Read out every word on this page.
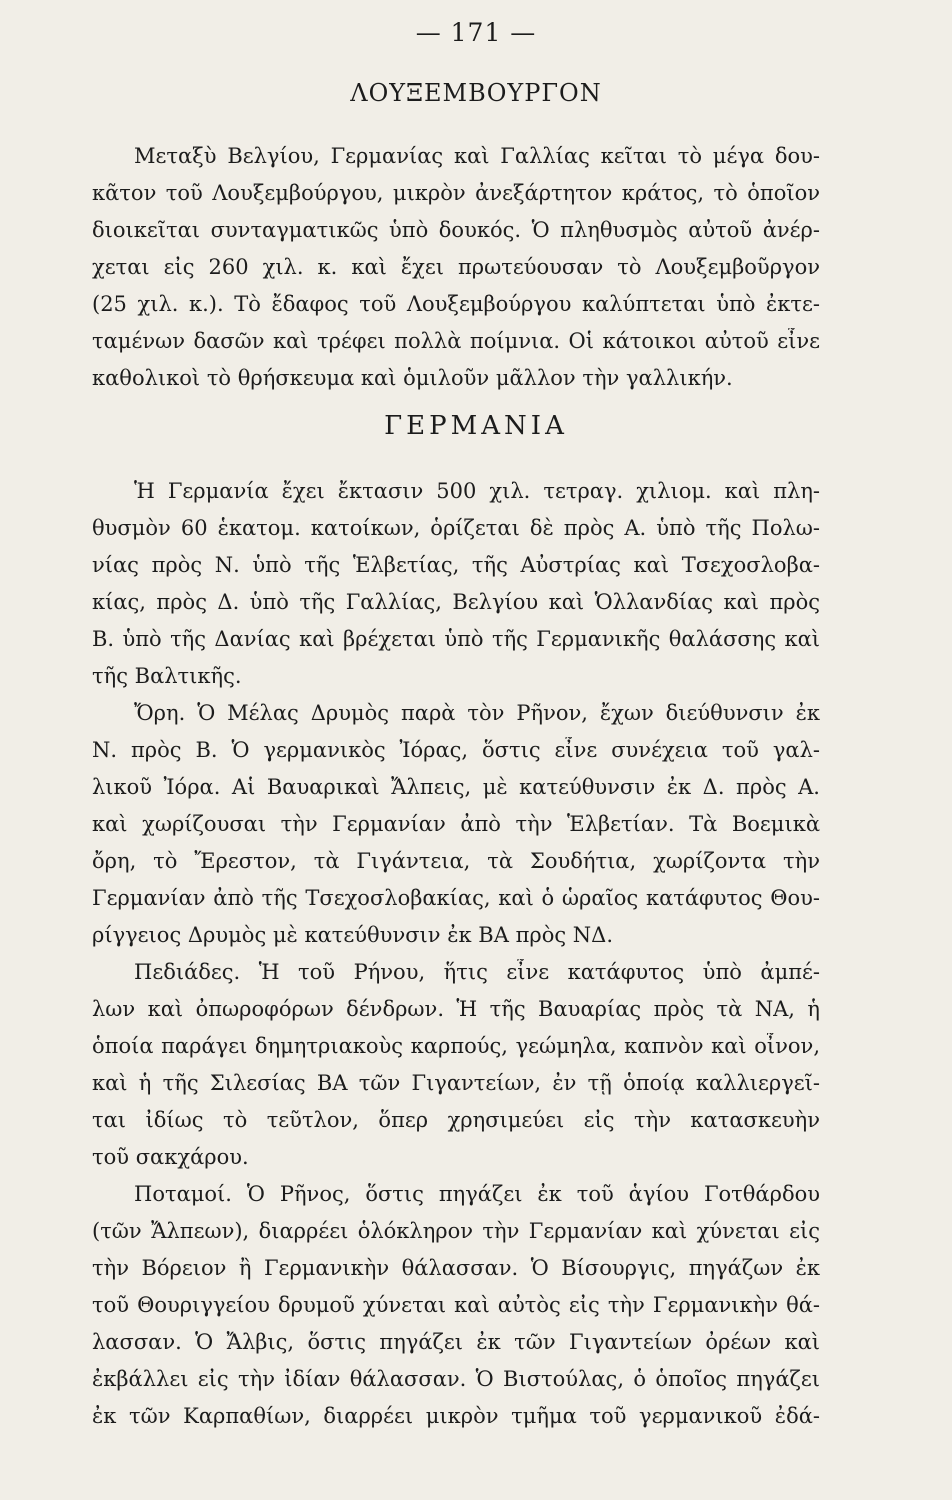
— 171 —
ΛΟΥΞΕΜΒΟΥΡΓΟΝ
Μεταξὺ Βελγίου, Γερμανίας καὶ Γαλλίας κεῖται τὸ μέγα δου-
κᾶτον τοῦ Λουξεμβούργου, μικρὸν ἀνεξάρτητον κράτος, τὸ ὁποῖον
διοικεῖται συνταγματικῶς ὑπὸ δουκός. Ὁ πληθυσμὸς αὐτοῦ ἀνέρ-
χεται εἰς 260 χιλ. κ. καὶ ἔχει πρωτεύουσαν τὸ Λουξεμβοῦργον
(25 χιλ. κ.). Τὸ ἔδαφος τοῦ Λουξεμβούργου καλύπτεται ὑπὸ ἐκτε-
ταμένων δασῶν καὶ τρέφει πολλὰ ποίμνια. Οἱ κάτοικοι αὐτοῦ εἶνε
καθολικοὶ τὸ θρήσκευμα καὶ ὁμιλοῦν μᾶλλον τὴν γαλλικήν.
ΓΕΡΜΑΝΙΑ
Ἡ Γερμανία ἔχει ἔκτασιν 500 χιλ. τετραγ. χιλιομ. καὶ πλη-
θυσμὸν 60 ἑκατομ. κατοίκων, ὁρίζεται δὲ πρὸς Α. ὑπὸ τῆς Πολω-
νίας πρὸς Ν. ὑπὸ τῆς Ἑλβετίας, τῆς Αὐστρίας καὶ Τσεχοσλοβα-
κίας, πρὸς Δ. ὑπὸ τῆς Γαλλίας, Βελγίου καὶ Ὁλλανδίας καὶ πρὸς
Β. ὑπὸ τῆς Δανίας καὶ βρέχεται ὑπὸ τῆς Γερμανικῆς θαλάσσης καὶ
τῆς Βαλτικῆς.
Ὄρη. Ὁ Μέλας Δρυμὸς παρὰ τὸν Ρῆνον, ἔχων διεύθυνσιν ἐκ
Ν. πρὸς Β. Ὁ γερμανικὸς Ἰόρας, ὅστις εἶνε συνέχεια τοῦ γαλ-
λικοῦ Ἰόρα. Αἱ Βαυαρικαὶ Ἄλπεις, μὲ κατεύθυνσιν ἐκ Δ. πρὸς Α.
καὶ χωρίζουσαι τὴν Γερμανίαν ἀπὸ τὴν Ἑλβετίαν. Τὰ Βοεμικὰ
ὄρη, τὸ Ἔρεστον, τὰ Γιγάντεια, τὰ Σουδήτια, χωρίζοντα τὴν
Γερμανίαν ἀπὸ τῆς Τσεχοσλοβακίας, καὶ ὁ ὡραῖος κατάφυτος Θου-
ρίγγειος Δρυμὸς μὲ κατεύθυνσιν ἐκ ΒΑ πρὸς ΝΔ.
Πεδιάδες. Ἡ τοῦ Ρήνου, ἥτις εἶνε κατάφυτος ὑπὸ ἀμπέ-
λων καὶ ὀπωροφόρων δένδρων. Ἡ τῆς Βαυαρίας πρὸς τὰ ΝΑ, ἡ
ὁποία παράγει δημητριακοὺς καρπούς, γεώμηλα, καπνὸν καὶ οἶνον,
καὶ ἡ τῆς Σιλεσίας ΒΑ τῶν Γιγαντείων, ἐν τῇ ὁποίᾳ καλλιεργεῖ-
ται ἰδίως τὸ τεῦτλον, ὅπερ χρησιμεύει εἰς τὴν κατασκευὴν
τοῦ σακχάρου.
Ποταμοί. Ὁ Ρῆνος, ὅστις πηγάζει ἐκ τοῦ ἁγίου Γοτθάρδου
(τῶν Ἄλπεων), διαρρέει ὁλόκληρον τὴν Γερμανίαν καὶ χύνεται εἰς
τὴν Βόρειον ἢ Γερμανικὴν θάλασσαν. Ὁ Βίσουργις, πηγάζων ἐκ
τοῦ Θουριγγείου δρυμοῦ χύνεται καὶ αὐτὸς εἰς τὴν Γερμανικὴν θά-
λασσαν. Ὁ Ἄλβις, ὅστις πηγάζει ἐκ τῶν Γιγαντείων ὀρέων καὶ
ἐκβάλλει εἰς τὴν ἰδίαν θάλασσαν. Ὁ Βιστούλας, ὁ ὁποῖος πηγάζει
ἐκ τῶν Καρπαθίων, διαρρέει μικρὸν τμῆμα τοῦ γερμανικοῦ ἐδά-
